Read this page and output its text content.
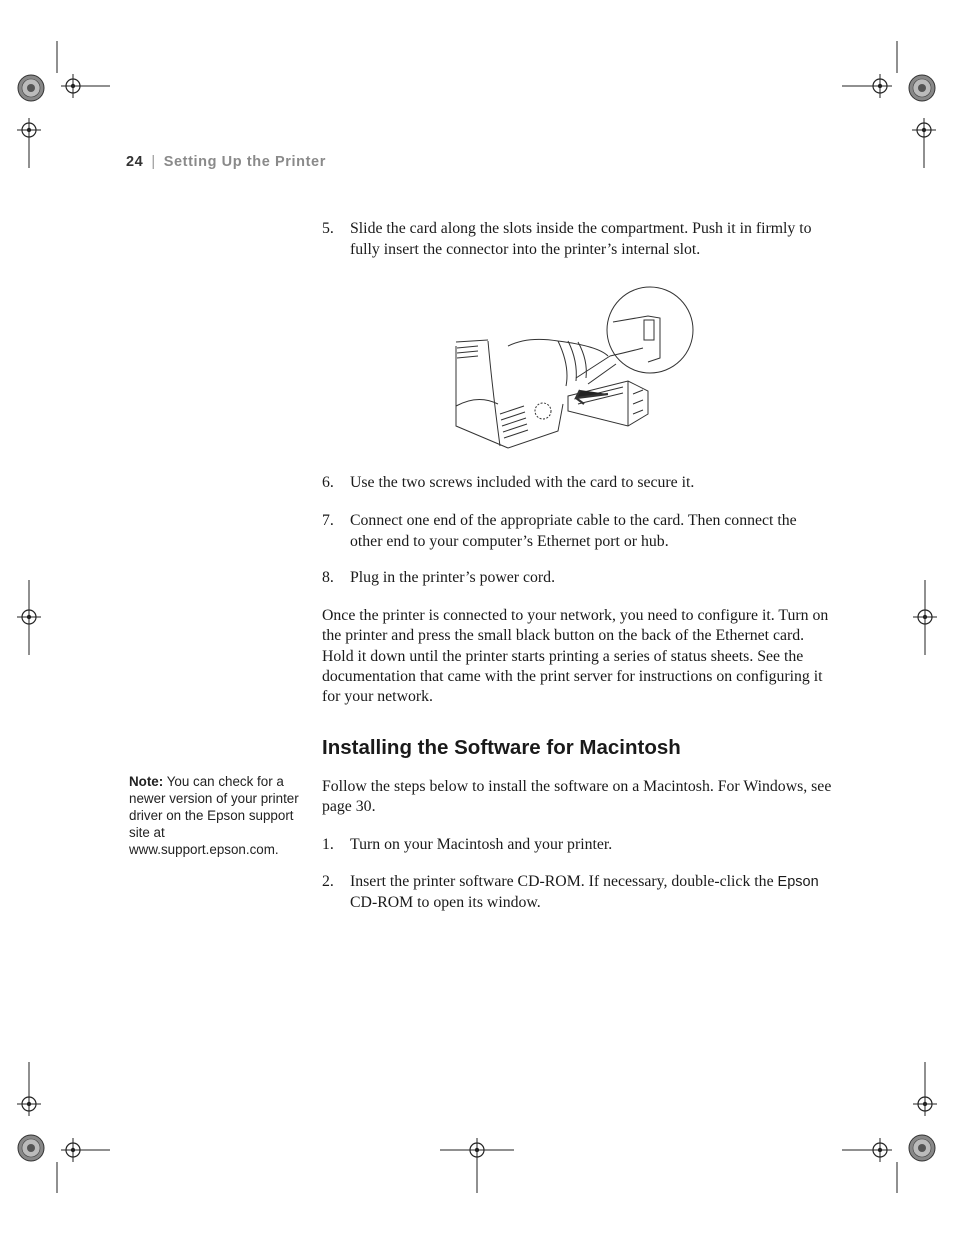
24 | Setting Up the Printer
5. Slide the card along the slots inside the compartment. Push it in firmly to fully insert the connector into the printer’s internal slot.
6. Use the two screws included with the card to secure it.
7. Connect one end of the appropriate cable to the card. Then connect the other end to your computer’s Ethernet port or hub.
8. Plug in the printer’s power cord.
Once the printer is connected to your network, you need to configure it. Turn on the printer and press the small black button on the back of the Ethernet card. Hold it down until the printer starts printing a series of status sheets. See the documentation that came with the print server for instructions on configuring it for your network.
Installing the Software for Macintosh
Note: You can check for a newer version of your printer driver on the Epson support site at www.support.epson.com.
Follow the steps below to install the software on a Macintosh. For Windows, see page 30.
1. Turn on your Macintosh and your printer.
2. Insert the printer software CD-ROM. If necessary, double-click the Epson CD-ROM to open its window.
